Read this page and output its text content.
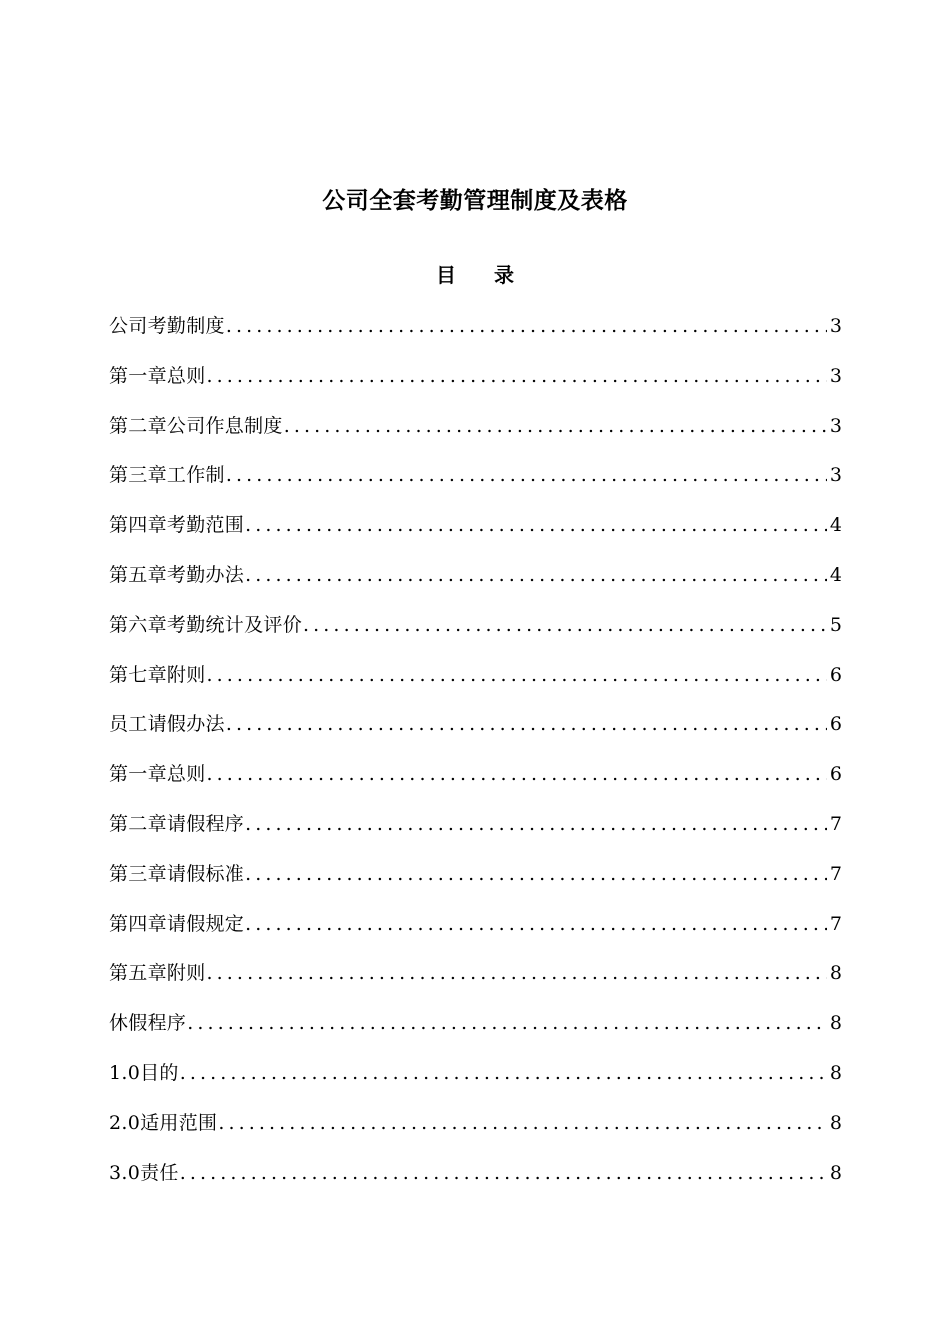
公司全套考勤管理制度及表格
目 录
公司考勤制度 .....	3
第一章总则 .....	3
第二章公司作息制度 .....	3
第三章工作制 .....	3
第四章考勤范围 .....	4
第五章考勤办法 .....	4
第六章考勤统计及评价 .....	5
第七章附则 .....	6
员工请假办法 .....	6
第一章总则 .....	6
第二章请假程序 .....	7
第三章请假标准 .....	7
第四章请假规定 .....	7
第五章附则 .....	8
休假程序 .....	8
1.0目的 .....	8
2.0适用范围 .....	8
3.0责任 .....	8
